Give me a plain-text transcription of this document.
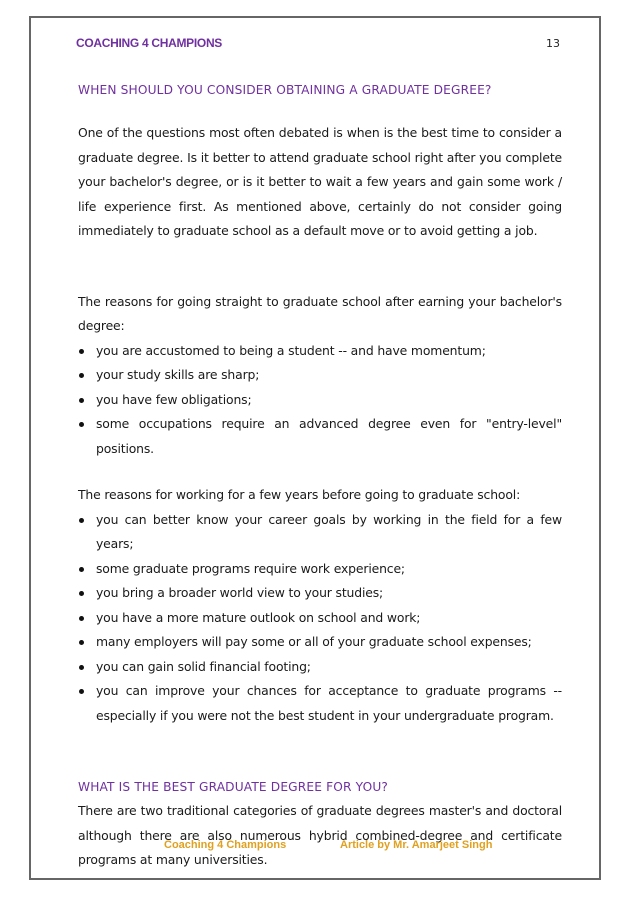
COACHING 4 CHAMPIONS	13
WHEN SHOULD YOU CONSIDER OBTAINING A GRADUATE DEGREE?

One of the questions most often debated is when is the best time to consider a graduate degree. Is it better to attend graduate school right after you complete your bachelor's degree, or is it better to wait a few years and gain some work / life experience first. As mentioned above, certainly do not consider going immediately to graduate school as a default move or to avoid getting a job.

The reasons for going straight to graduate school after earning your bachelor's degree:

you are accustomed to being a student -- and have momentum;
your study skills are sharp;
you have few obligations;
some occupations require an advanced degree even for "entry-level" positions.

The reasons for working for a few years before going to graduate school:

you can better know your career goals by working in the field for a few years;
some graduate programs require work experience;
you bring a broader world view to your studies;
you have a more mature outlook on school and work;
many employers will pay some or all of your graduate school expenses;
you can gain solid financial footing;
you can improve your chances for acceptance to graduate programs -- especially if you were not the best student in your undergraduate program.
WHAT IS THE BEST GRADUATE DEGREE FOR YOU?

There are two traditional categories of graduate degrees master's and doctoral although there are also numerous hybrid combined-degree and certificate programs at many universities.

Coaching 4 Champions	Article by Mr. Amarjeet Singh
